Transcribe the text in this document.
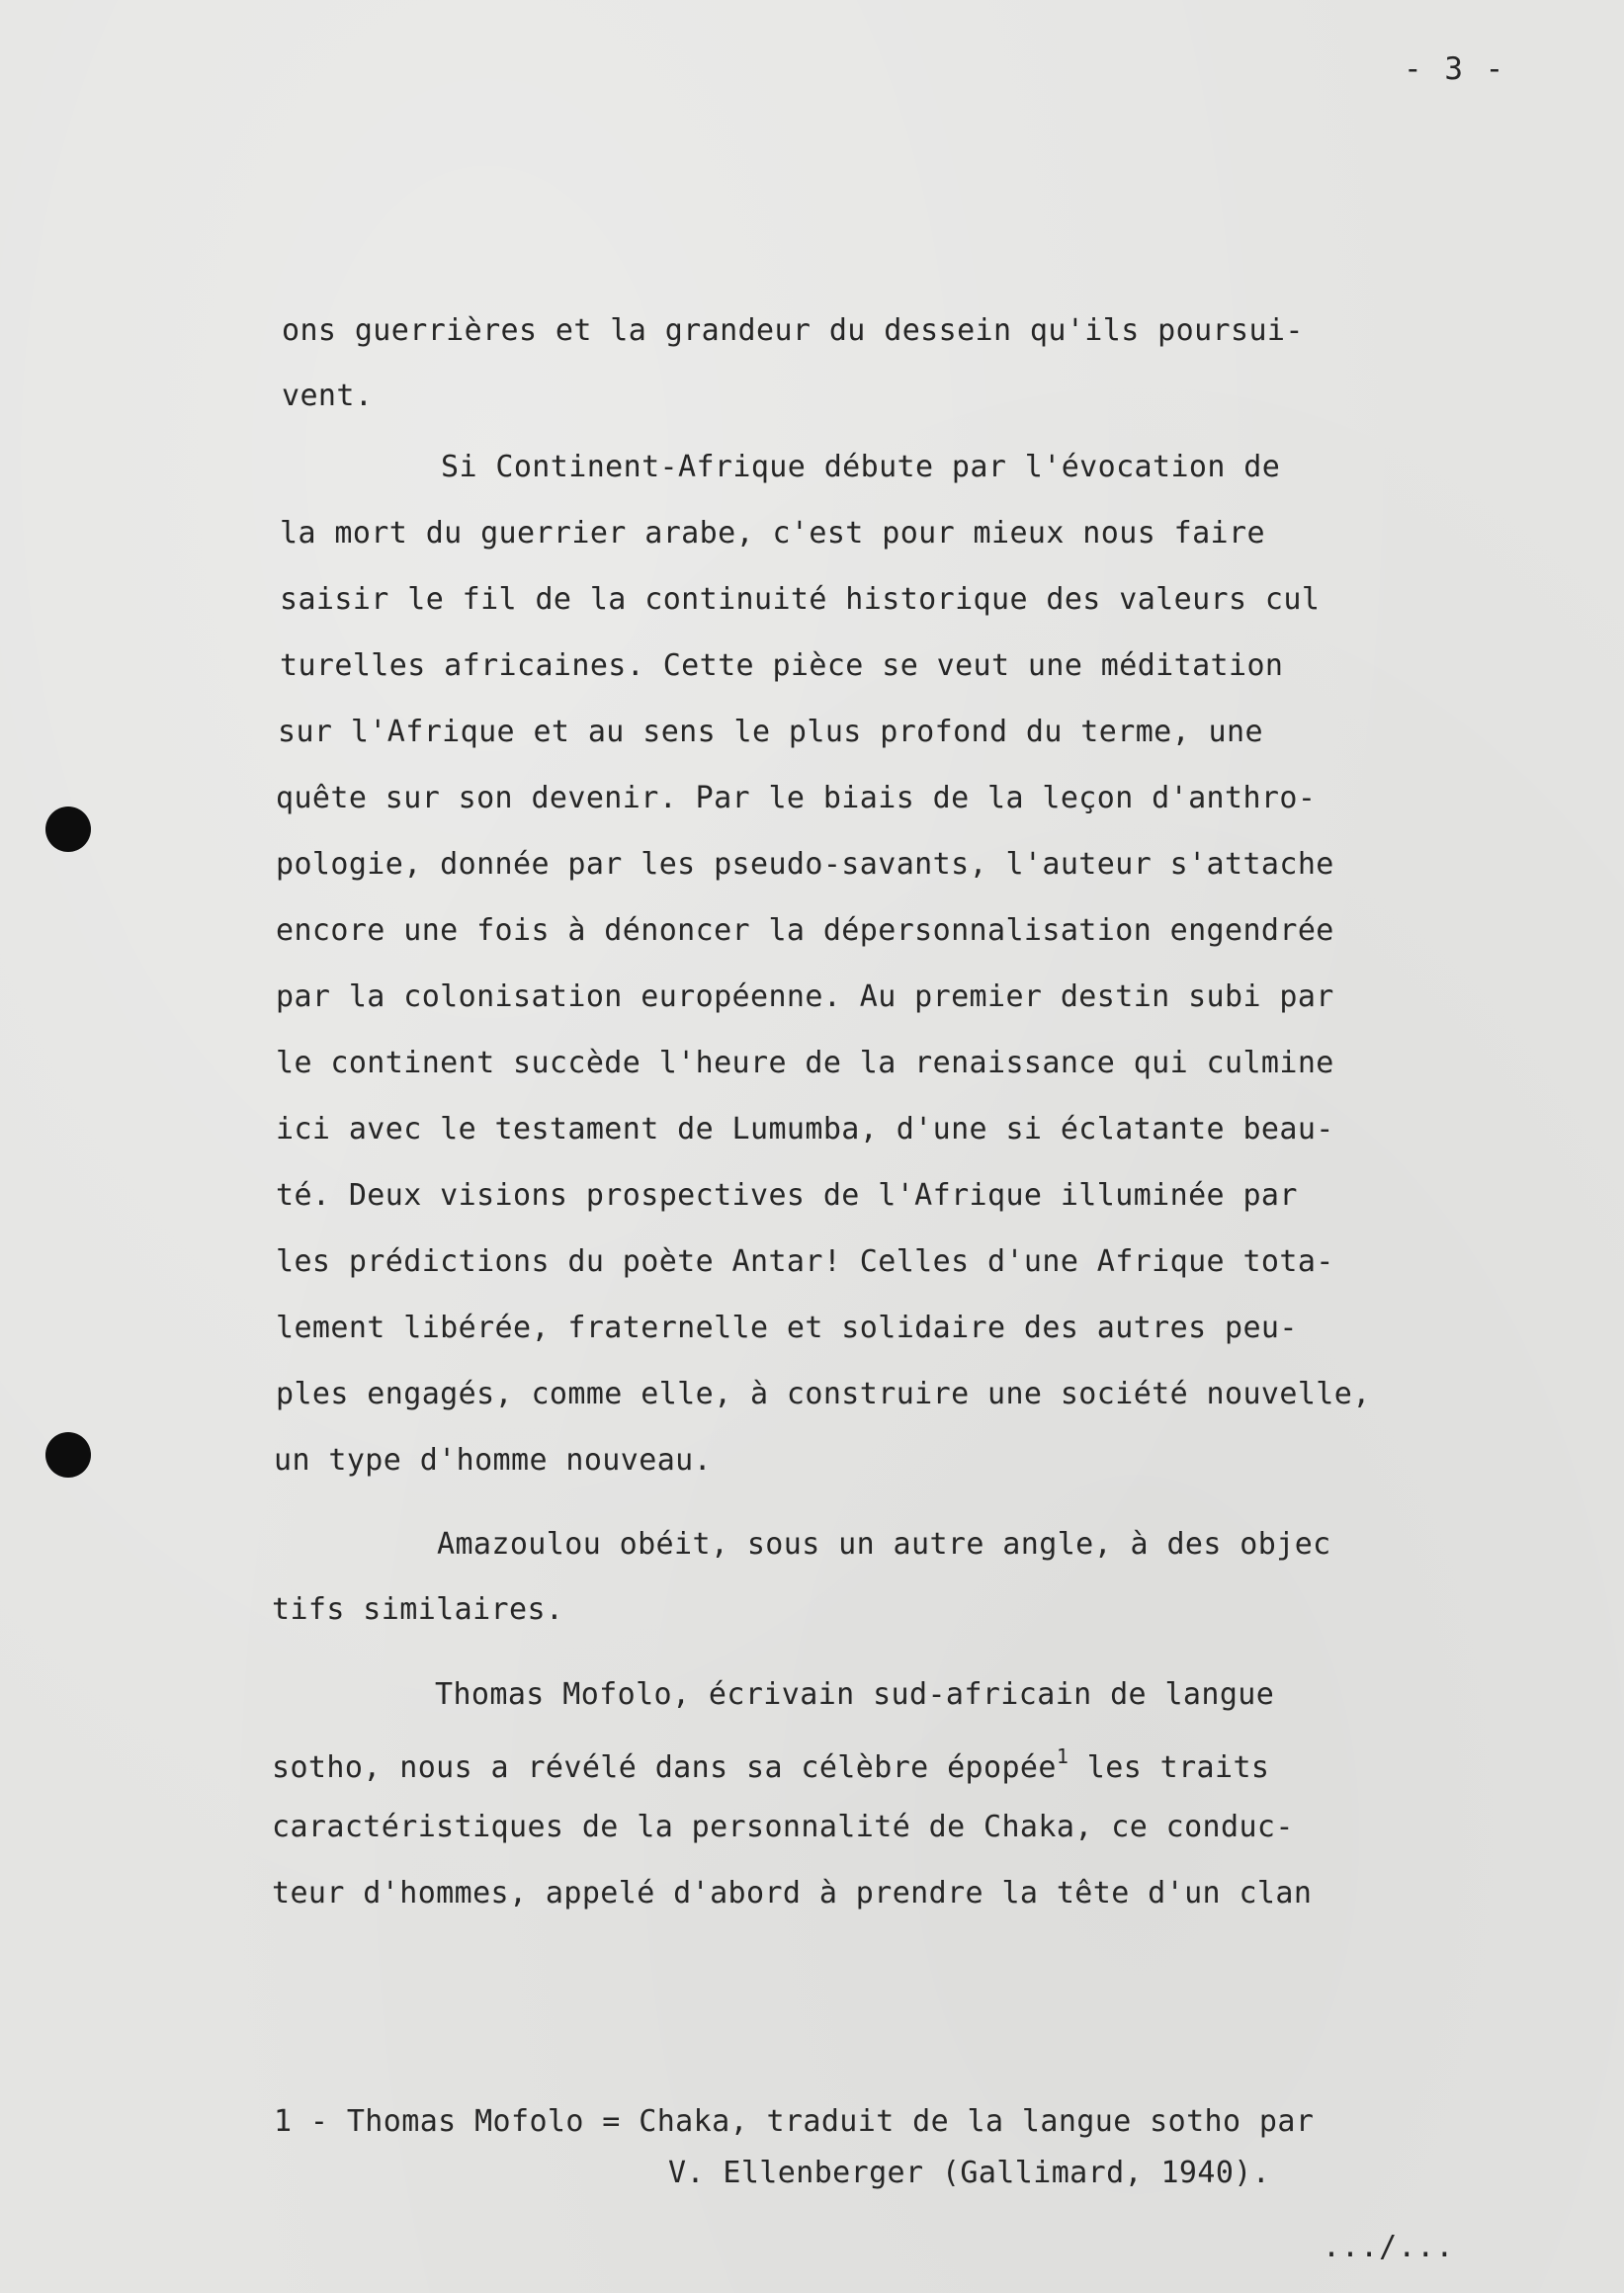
- 3 -
ons guerrières et la grandeur du dessein qu'ils poursui-
vent.
Si Continent-Afrique débute par l'évocation de
la mort du guerrier arabe, c'est pour mieux nous faire
saisir le fil de la continuité historique des valeurs cul
turelles africaines. Cette pièce se veut une méditation
sur l'Afrique et au sens le plus profond du terme, une
quête sur son devenir. Par le biais de la leçon d'anthro-
pologie, donnée par les pseudo-savants, l'auteur s'attache
encore une fois à dénoncer la dépersonnalisation engendrée
par la colonisation européenne. Au premier destin subi par
le continent succède l'heure de la renaissance qui culmine
ici avec le testament de Lumumba, d'une si éclatante beau-
té. Deux visions prospectives de l'Afrique illuminée par
les prédictions du poète Antar! Celles d'une Afrique tota-
lement libérée, fraternelle et solidaire des autres peu-
ples engagés, comme elle, à construire une société nouvelle,
un type d'homme nouveau.
Amazoulou obéit, sous un autre angle, à des objec
tifs similaires.
Thomas Mofolo, écrivain sud-africain de langue
sotho, nous a révélé dans sa célèbre épopée$^1$ les traits
caractéristiques de la personnalité de Chaka, ce conduc-
teur d'hommes, appelé d'abord à prendre la tête d'un clan
1 - Thomas Mofolo = Chaka, traduit de la langue sotho par
V. Ellenberger (Gallimard, 1940).
.../...
